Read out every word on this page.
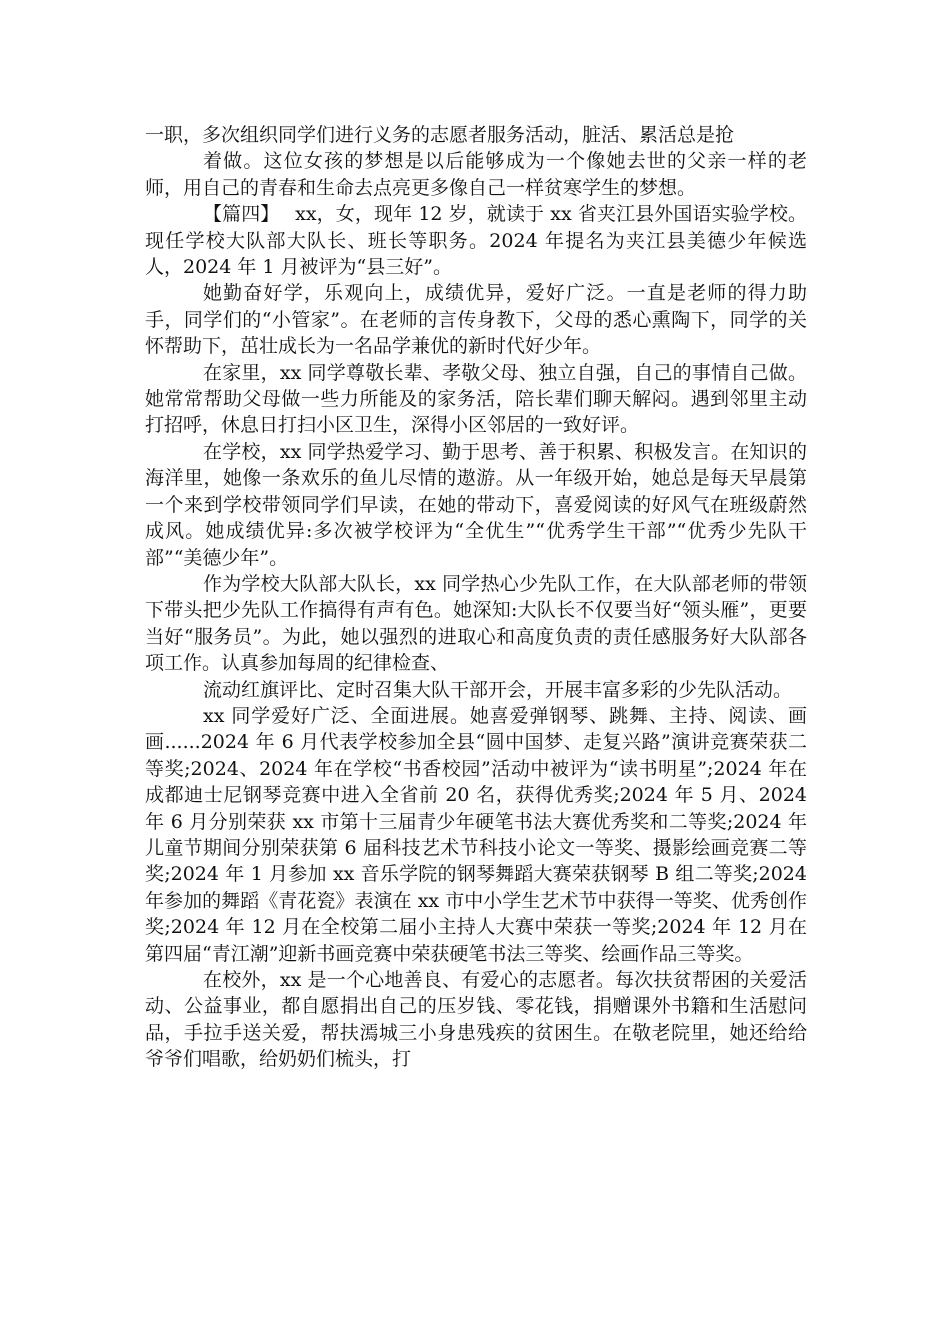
一职，多次组织同学们进行义务的志愿者服务活动，脏活、累活总是抢

着做。这位女孩的梦想是以后能够成为一个像她去世的父亲一样的老师，用自己的青春和生命去点亮更多像自己一样贫寒学生的梦想。

【篇四】　 xx，女，现年 12 岁，就读于 xx 省夹江县外国语实验学校。现任学校大队部大队长、班长等职务。2024 年提名为夹江县美德少年候选人，2024 年 1 月被评为“县三好”。

她勤奋好学，乐观向上，成绩优异，爱好广泛。一直是老师的得力助手，同学们的“小管家”。在老师的言传身教下，父母的悉心熏陶下，同学的关怀帮助下，茁壮成长为一名品学兼优的新时代好少年。

在家里，xx 同学尊敬长辈、孝敬父母、独立自强，自己的事情自己做。她常常帮助父母做一些力所能及的家务活，陪长辈们聊天解闷。遇到邻里主动打招呼，休息日打扫小区卫生，深得小区邻居的一致好评。

在学校，xx 同学热爱学习、勤于思考、善于积累、积极发言。在知识的海洋里，她像一条欢乐的鱼儿尽情的遨游。从一年级开始，她总是每天早晨第一个来到学校带领同学们早读，在她的带动下，喜爱阅读的好风气在班级蔚然成风。她成绩优异:多次被学校评为“全优生”“优秀学生干部”“优秀少先队干部”“美德少年”。

作为学校大队部大队长，xx 同学热心少先队工作，在大队部老师的带领下带头把少先队工作搞得有声有色。她深知:大队长不仅要当好“领头雁”，更要当好“服务员”。为此，她以强烈的进取心和高度负责的责任感服务好大队部各项工作。认真参加每周的纪律检查、

流动红旗评比、定时召集大队干部开会，开展丰富多彩的少先队活动。

xx 同学爱好广泛、全面进展。她喜爱弹钢琴、跳舞、主持、阅读、画画......2024 年 6 月代表学校参加全县“圆中国梦、走复兴路”演讲竞赛荣获二等奖;2024、2024 年在学校“书香校园”活动中被评为“读书明星”;2024 年在成都迪士尼钢琴竞赛中进入全省前 20 名，获得优秀奖;2024 年 5 月、2024 年 6 月分别荣获 xx 市第十三届青少年硬笔书法大赛优秀奖和二等奖;2024 年儿童节期间分别荣获第 6 届科技艺术节科技小论文一等奖、摄影绘画竞赛二等奖;2024 年 1 月参加 xx 音乐学院的钢琴舞蹈大赛荣获钢琴 B 组二等奖;2024 年参加的舞蹈《青花瓷》表演在 xx 市中小学生艺术节中获得一等奖、优秀创作奖;2024 年 12 月在全校第二届小主持人大赛中荣获一等奖;2024 年 12 月在第四届“青江潮”迎新书画竞赛中荣获硬笔书法三等奖、绘画作品三等奖。

在校外，xx 是一个心地善良、有爱心的志愿者。每次扶贫帮困的关爱活动、公益事业，都自愿捐出自己的压岁钱、零花钱，捐赠课外书籍和生活慰问品，手拉手送关爱，帮扶漹城三小身患残疾的贫困生。在敬老院里，她还给给爷爷们唱歌，给奶奶们梳头，打
